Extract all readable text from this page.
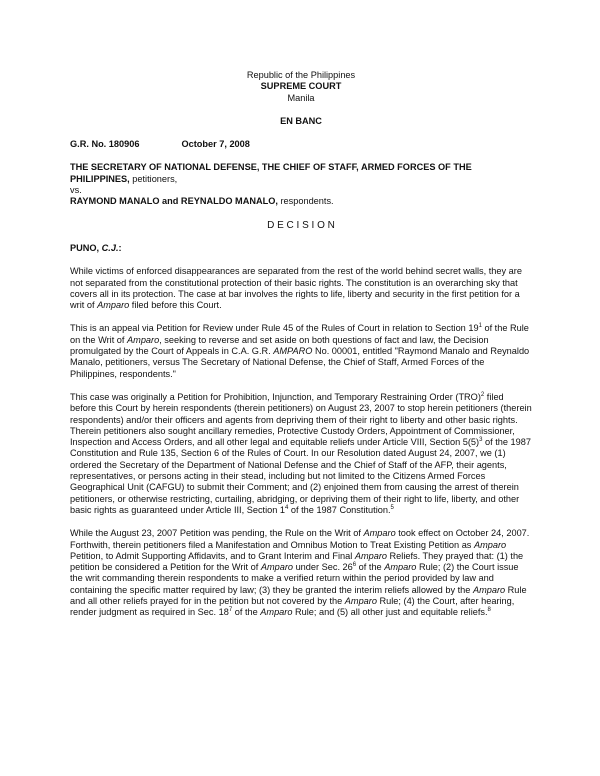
Republic of the Philippines
SUPREME COURT
Manila

EN BANC

G.R. No. 180906	October 7, 2008

THE SECRETARY OF NATIONAL DEFENSE, THE CHIEF OF STAFF, ARMED FORCES OF THE PHILIPPINES, petitioners,

vs.

RAYMOND MANALO and REYNALDO MANALO, respondents.

D E C I S I O N

PUNO, C.J.:

While victims of enforced disappearances are separated from the rest of the world behind secret walls, they are not separated from the constitutional protection of their basic rights. The constitution is an overarching sky that covers all in its protection. The case at bar involves the rights to life, liberty and security in the first petition for a writ of Amparo filed before this Court.

This is an appeal via Petition for Review under Rule 45 of the Rules of Court in relation to Section $19^1$ of the Rule on the Writ of Amparo, seeking to reverse and set aside on both questions of fact and law, the Decision promulgated by the Court of Appeals in C.A. G.R. AMPARO No. 00001, entitled "Raymond Manalo and Reynaldo Manalo, petitioners, versus The Secretary of National Defense, the Chief of Staff, Armed Forces of the Philippines, respondents."

This case was originally a Petition for Prohibition, Injunction, and Temporary Restraining Order (TRO)$^2$ filed before this Court by herein respondents (therein petitioners) on August 23, 2007 to stop herein petitioners (therein respondents) and/or their officers and agents from depriving them of their right to liberty and other basic rights. Therein petitioners also sought ancillary remedies, Protective Custody Orders, Appointment of Commissioner, Inspection and Access Orders, and all other legal and equitable reliefs under Article VIII, Section $5(5)^3$ of the 1987 Constitution and Rule 135, Section 6 of the Rules of Court. In our Resolution dated August 24, 2007, we (1) ordered the Secretary of the Department of National Defense and the Chief of Staff of the AFP, their agents, representatives, or persons acting in their stead, including but not limited to the Citizens Armed Forces Geographical Unit (CAFGU) to submit their Comment; and (2) enjoined them from causing the arrest of therein petitioners, or otherwise restricting, curtailing, abridging, or depriving them of their right to life, liberty, and other basic rights as guaranteed under Article III, Section $1^4$ of the 1987 Constitution.$^5$

While the August 23, 2007 Petition was pending, the Rule on the Writ of Amparo took effect on October 24, 2007. Forthwith, therein petitioners filed a Manifestation and Omnibus Motion to Treat Existing Petition as Amparo Petition, to Admit Supporting Affidavits, and to Grant Interim and Final Amparo Reliefs. They prayed that: (1) the petition be considered a Petition for the Writ of Amparo under Sec. $26^6$ of the Amparo Rule; (2) the Court issue the writ commanding therein respondents to make a verified return within the period provided by law and containing the specific matter required by law; (3) they be granted the interim reliefs allowed by the Amparo Rule and all other reliefs prayed for in the petition but not covered by the Amparo Rule; (4) the Court, after hearing, render judgment as required in Sec. $18^7$ of the Amparo Rule; and (5) all other just and equitable reliefs.$^8$
